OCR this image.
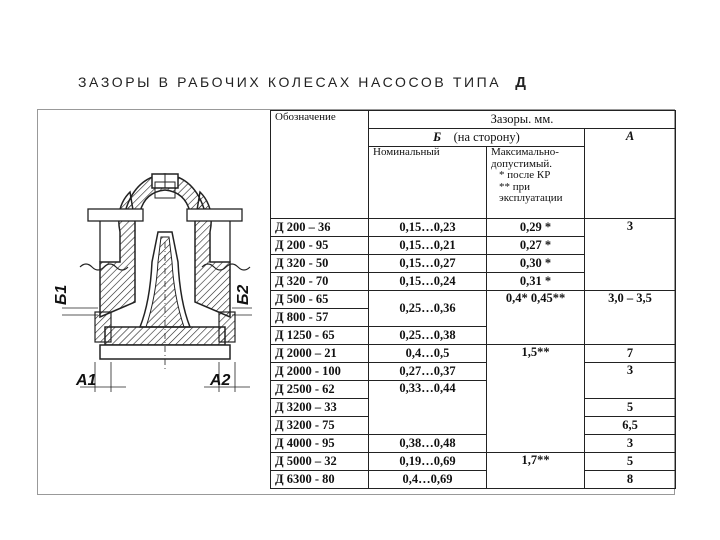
ЗАЗОРЫ В РАБОЧИХ КОЛЕСАХ НАСОСОВ ТИПА Д
Б1	Б2
А1	А2
Обозначение	Зазоры. мм.		
	Б (на сторону)		А
	Номинальный	Максимально-допустимый.
* после КР
** при эксплуатации	

Д 200 – 36	0,15…0,23	0,29 *	3
Д 200 - 95	0,15…0,21	0,27 *	
Д 320 - 50	0,15…0,27	0,30 *	
Д 320 - 70	0,15…0,24	0,31 *	
Д 500 - 65	0,25…0,36	0,4* 0,45**	3,0 – 3,5
Д 800 - 57			
Д 1250 - 65	0,25…0,38		
Д 2000 – 21	0,4…0,5	1,5**	7
Д 2000 - 100	0,27…0,37		3
Д 2500 - 62	0,33…0,44		
Д 3200 – 33			5
Д 3200 - 75			6,5
Д 4000 - 95	0,38…0,48		3
Д 5000 – 32	0,19…0,69	1,7**	5
Д 6300 - 80	0,4…0,69		8
